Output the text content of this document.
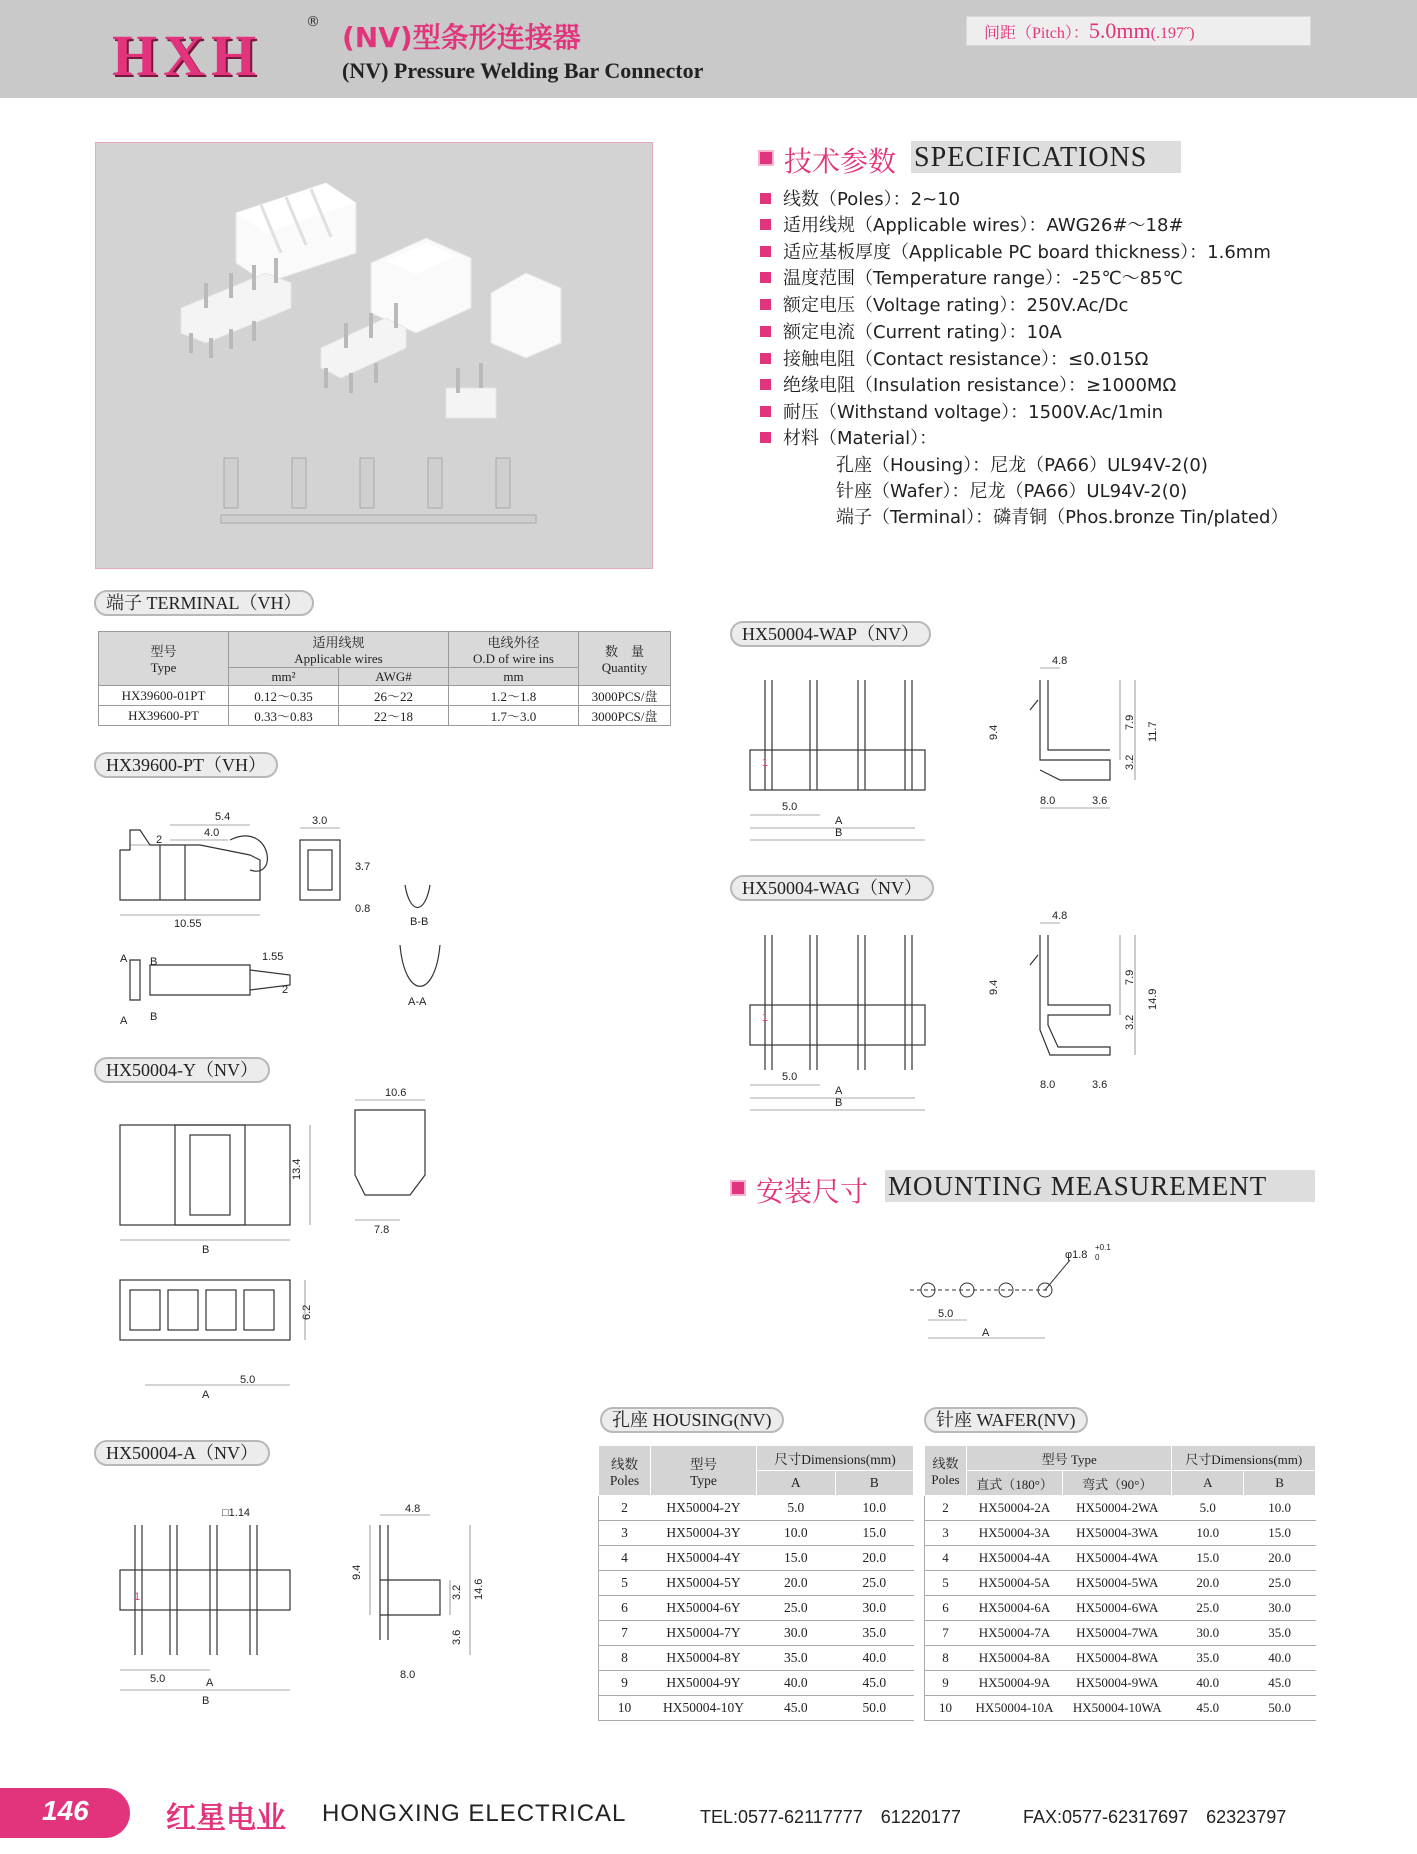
HXH
® (NV)型条形连接器
(NV) Pressure Welding Bar Connector
间距（Pitch）：5.0mm(.197˝)
技术参数 SPECIFICATIONS
线数（Poles）：2~10
适用线规（Applicable wires）：AWG26#～18#
适应基板厚度（Applicable PC board thickness）：1.6mm
温度范围（Temperature range）：-25℃～85℃
额定电压（Voltage rating）：250V.Ac/Dc
额定电流（Current rating）：10A
接触电阻（Contact resistance）：≤0.015Ω
绝缘电阻（Insulation resistance）：≥1000MΩ
耐压（Withstand voltage）：1500V.Ac/1min
材料（Material）：
孔座（Housing）：尼龙（PA66）UL94V-2(0)
针座（Wafer）：尼龙（PA66）UL94V-2(0)
端子（Terminal）：磷青铜（Phos.bronze Tin/plated）
端子 TERMINAL（VH）
型号
Type	适用线规
Applicable wires		电线外径
O.D of wire ins	数　量
Quantity
	mm²	AWG#	mm	
HX39600-01PT	0.12～0.35	26～22	1.2～1.8	3000PCS/盘
HX39600-PT	0.33～0.83	22～18	1.7～3.0	3000PCS/盘
HX39600-PT（VH）
5.4
4.0
2
10.55
3.0
3.7
0.8
B-B
A-A
1.55
2
A B
B
A
HX50004-Y（NV）
10.6
13.4
B
7.8
6.2
5.0
A
HX50004-A（NV）
□1.14	4.8
9.4
3.2 14.6
3.6
8.0
5.0	A
B
1
HX50004-WAP（NV）
4.8
9.4
7.9 11.7
3.2
8.0	3.6
5.0
A
B
1
HX50004-WAG（NV）
4.8
9.4
7.9
14.9
3.2
8.0	3.6
5.0
A
B
1
安装尺寸 MOUNTING MEASUREMENT
φ1.8
+0.1
0
5.0
A
孔座 HOUSING(NV)
线数
Poles	型号
Type	尺寸Dimensions(mm)	
		A	B
2	HX50004-2Y	5.0	10.0
3	HX50004-3Y	10.0	15.0
4	HX50004-4Y	15.0	20.0
5	HX50004-5Y	20.0	25.0
6	HX50004-6Y	25.0	30.0
7	HX50004-7Y	30.0	35.0
8	HX50004-8Y	35.0	40.0
9	HX50004-9Y	40.0	45.0
10	HX50004-10Y	45.0	50.0
针座 WAFER(NV)
线数
Poles	型号 Type		尺寸Dimensions(mm)	
	直式（180°）	弯式（90°）	A	B
2	HX50004-2A	HX50004-2WA	5.0	10.0
3	HX50004-3A	HX50004-3WA	10.0	15.0
4	HX50004-4A	HX50004-4WA	15.0	20.0
5	HX50004-5A	HX50004-5WA	20.0	25.0
6	HX50004-6A	HX50004-6WA	25.0	30.0
7	HX50004-7A	HX50004-7WA	30.0	35.0
8	HX50004-8A	HX50004-8WA	35.0	40.0
9	HX50004-9A	HX50004-9WA	40.0	45.0
10	HX50004-10A	HX50004-10WA	45.0	50.0
146	红星电业 HONGXING ELECTRICAL	TEL:0577-62117777　61220177	FAX:0577-62317697　62323797
